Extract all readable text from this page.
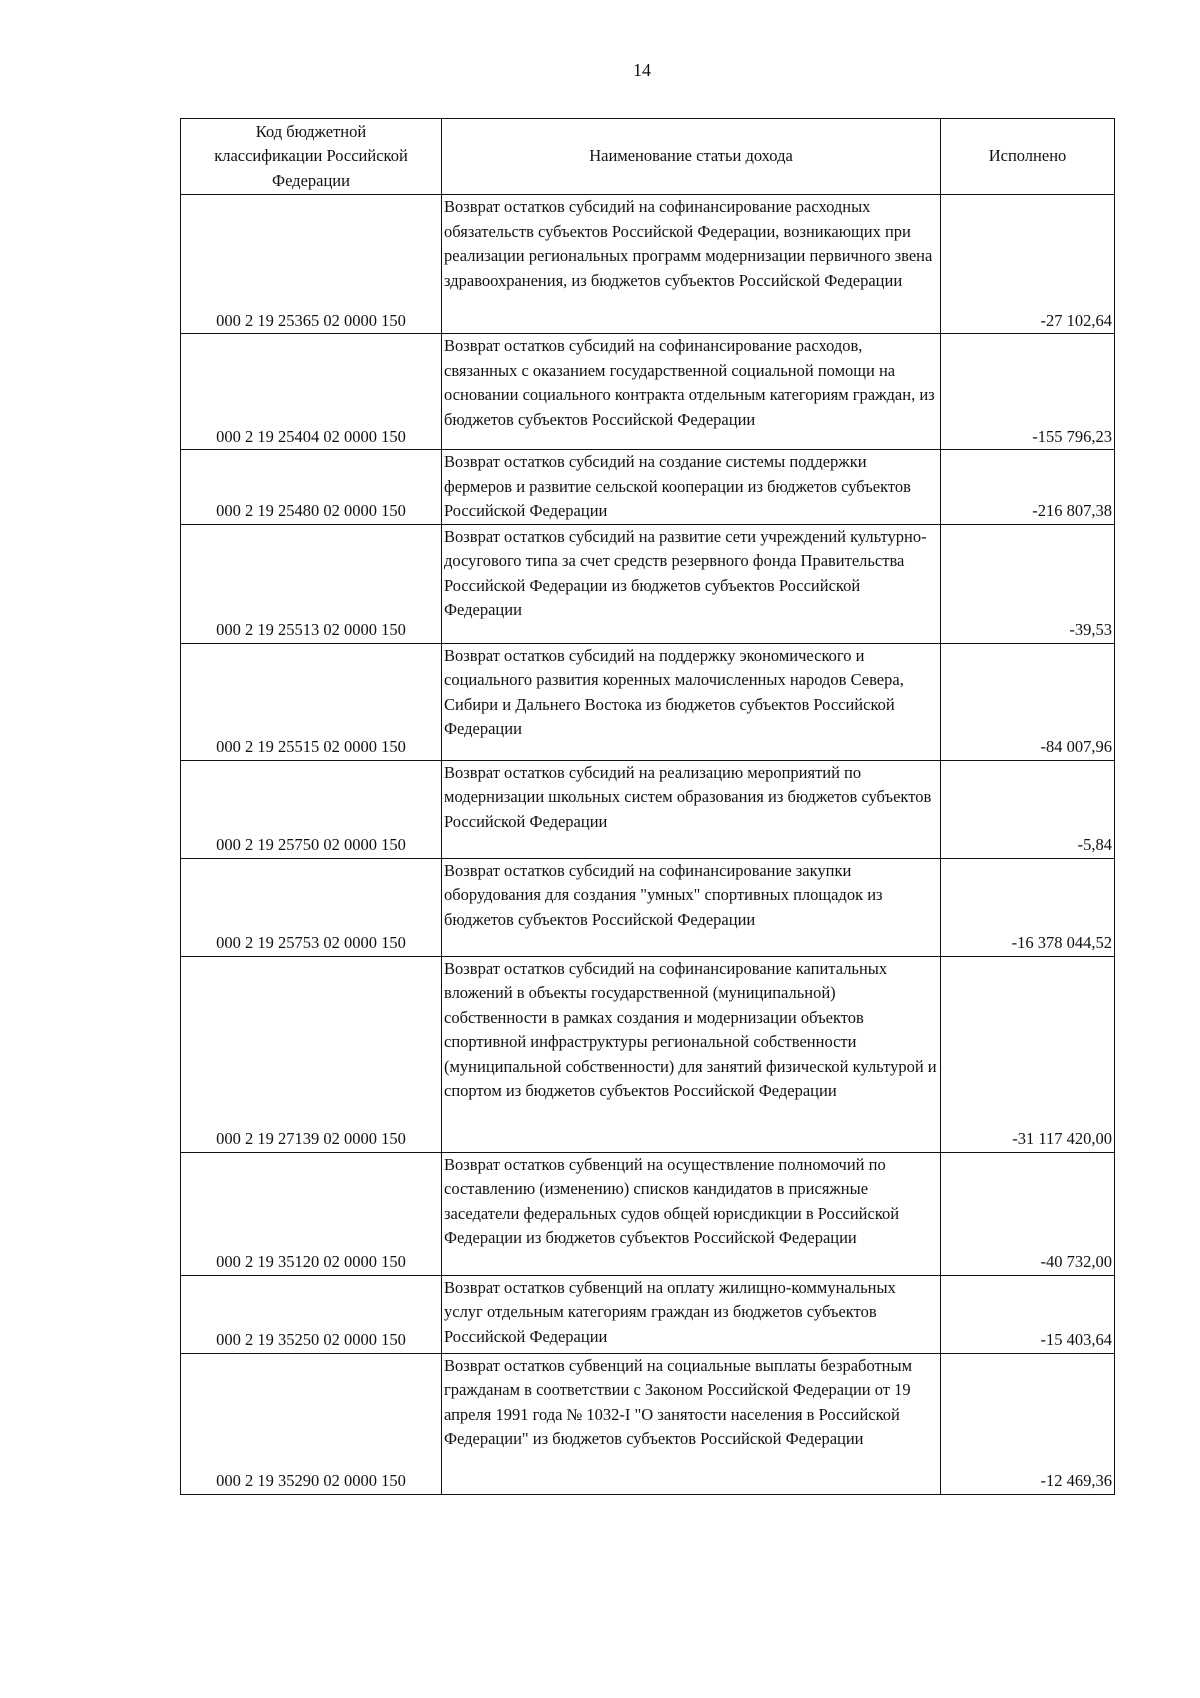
14
Код бюджетной классификации Российской Федерации	Наименование статьи дохода	Исполнено
000 2 19 25365 02 0000 150	Возврат остатков субсидий на софинансирование расходных обязательств субъектов Российской Федерации, возникающих при реализации региональных программ модернизации первичного звена здравоохранения, из бюджетов субъектов Российской Федерации	-27 102,64
000 2 19 25404 02 0000 150	Возврат остатков субсидий на софинансирование расходов, связанных с оказанием государственной социальной помощи на основании социального контракта отдельным категориям граждан, из бюджетов субъектов Российской Федерации	-155 796,23
000 2 19 25480 02 0000 150	Возврат остатков субсидий на создание системы поддержки фермеров и развитие сельской кооперации из бюджетов субъектов Российской Федерации	-216 807,38
000 2 19 25513 02 0000 150	Возврат остатков субсидий на развитие сети учреждений культурно-досугового типа за счет средств резервного фонда Правительства Российской Федерации из бюджетов субъектов Российской Федерации	-39,53
000 2 19 25515 02 0000 150	Возврат остатков субсидий на поддержку экономического и социального развития коренных малочисленных народов Севера, Сибири и Дальнего Востока из бюджетов субъектов Российской Федерации	-84 007,96
000 2 19 25750 02 0000 150	Возврат остатков субсидий на реализацию мероприятий по модернизации школьных систем образования из бюджетов субъектов Российской Федерации	-5,84
000 2 19 25753 02 0000 150	Возврат остатков субсидий на софинансирование закупки оборудования для создания "умных" спортивных площадок из бюджетов субъектов Российской Федерации	-16 378 044,52
000 2 19 27139 02 0000 150	Возврат остатков субсидий на софинансирование капитальных вложений в объекты государственной (муниципальной) собственности в рамках создания и модернизации объектов спортивной инфраструктуры региональной собственности (муниципальной собственности) для занятий физической культурой и спортом из бюджетов субъектов Российской Федерации	-31 117 420,00
000 2 19 35120 02 0000 150	Возврат остатков субвенций на осуществление полномочий по составлению (изменению) списков кандидатов в присяжные заседатели федеральных судов общей юрисдикции в Российской Федерации из бюджетов субъектов Российской Федерации	-40 732,00
000 2 19 35250 02 0000 150	Возврат остатков субвенций на оплату жилищно-коммунальных услуг отдельным категориям граждан из бюджетов субъектов Российской Федерации	-15 403,64
000 2 19 35290 02 0000 150	Возврат остатков субвенций на социальные выплаты безработным гражданам в соответствии с Законом Российской Федерации от 19 апреля 1991 года № 1032-I "О занятости населения в Российской Федерации" из бюджетов субъектов Российской Федерации	-12 469,36
